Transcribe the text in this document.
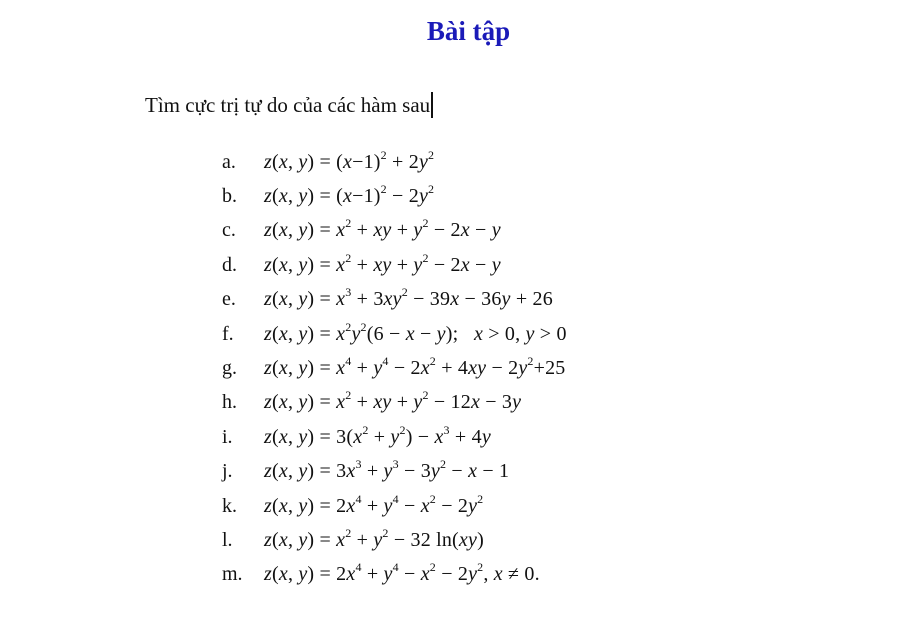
Bài tập
Tìm cực trị tự do của các hàm sau
a.	z(x, $y) = (x-1)^2 + 2y^2$
b.	z(x, $y) = (x-1)^2 - 2y^2$
c.	z(x, $y) = x^2$ + xy + $y^2 - 2x - y$
d.	z(x, $y) = x^2$ + xy + $y^2 - 2x - y$
e.	z(x, $y) = x^3 + 3xy^2 - 39x - 36y + 26$
f.	z(x, $y) = x^2y^2(6 - x - y)$;   x > 0, y > 0
g.	z(x, $y) = x^4 + y^4 - 2x^2 + 4xy - 2y^2+25$
h.	z(x, $y) = x^2$ + xy + $y^2 - 12x - 3y$
i.	z(x, $y) = 3(x^2 + y^2) - x^3 + 4y$
j.	z(x, $y) = 3x^3 + y^3 - 3y^2 - x - 1$
k.	z(x, $y) = 2x^4 + y^4 - x^2 - 2y^2$
l.	z(x, $y) = x^2 + y^2 - 32$ ln(xy)
m.	z(x, $y) = 2x^4 + y^4 - x^2 - 2y^2$, x ≠ 0.
